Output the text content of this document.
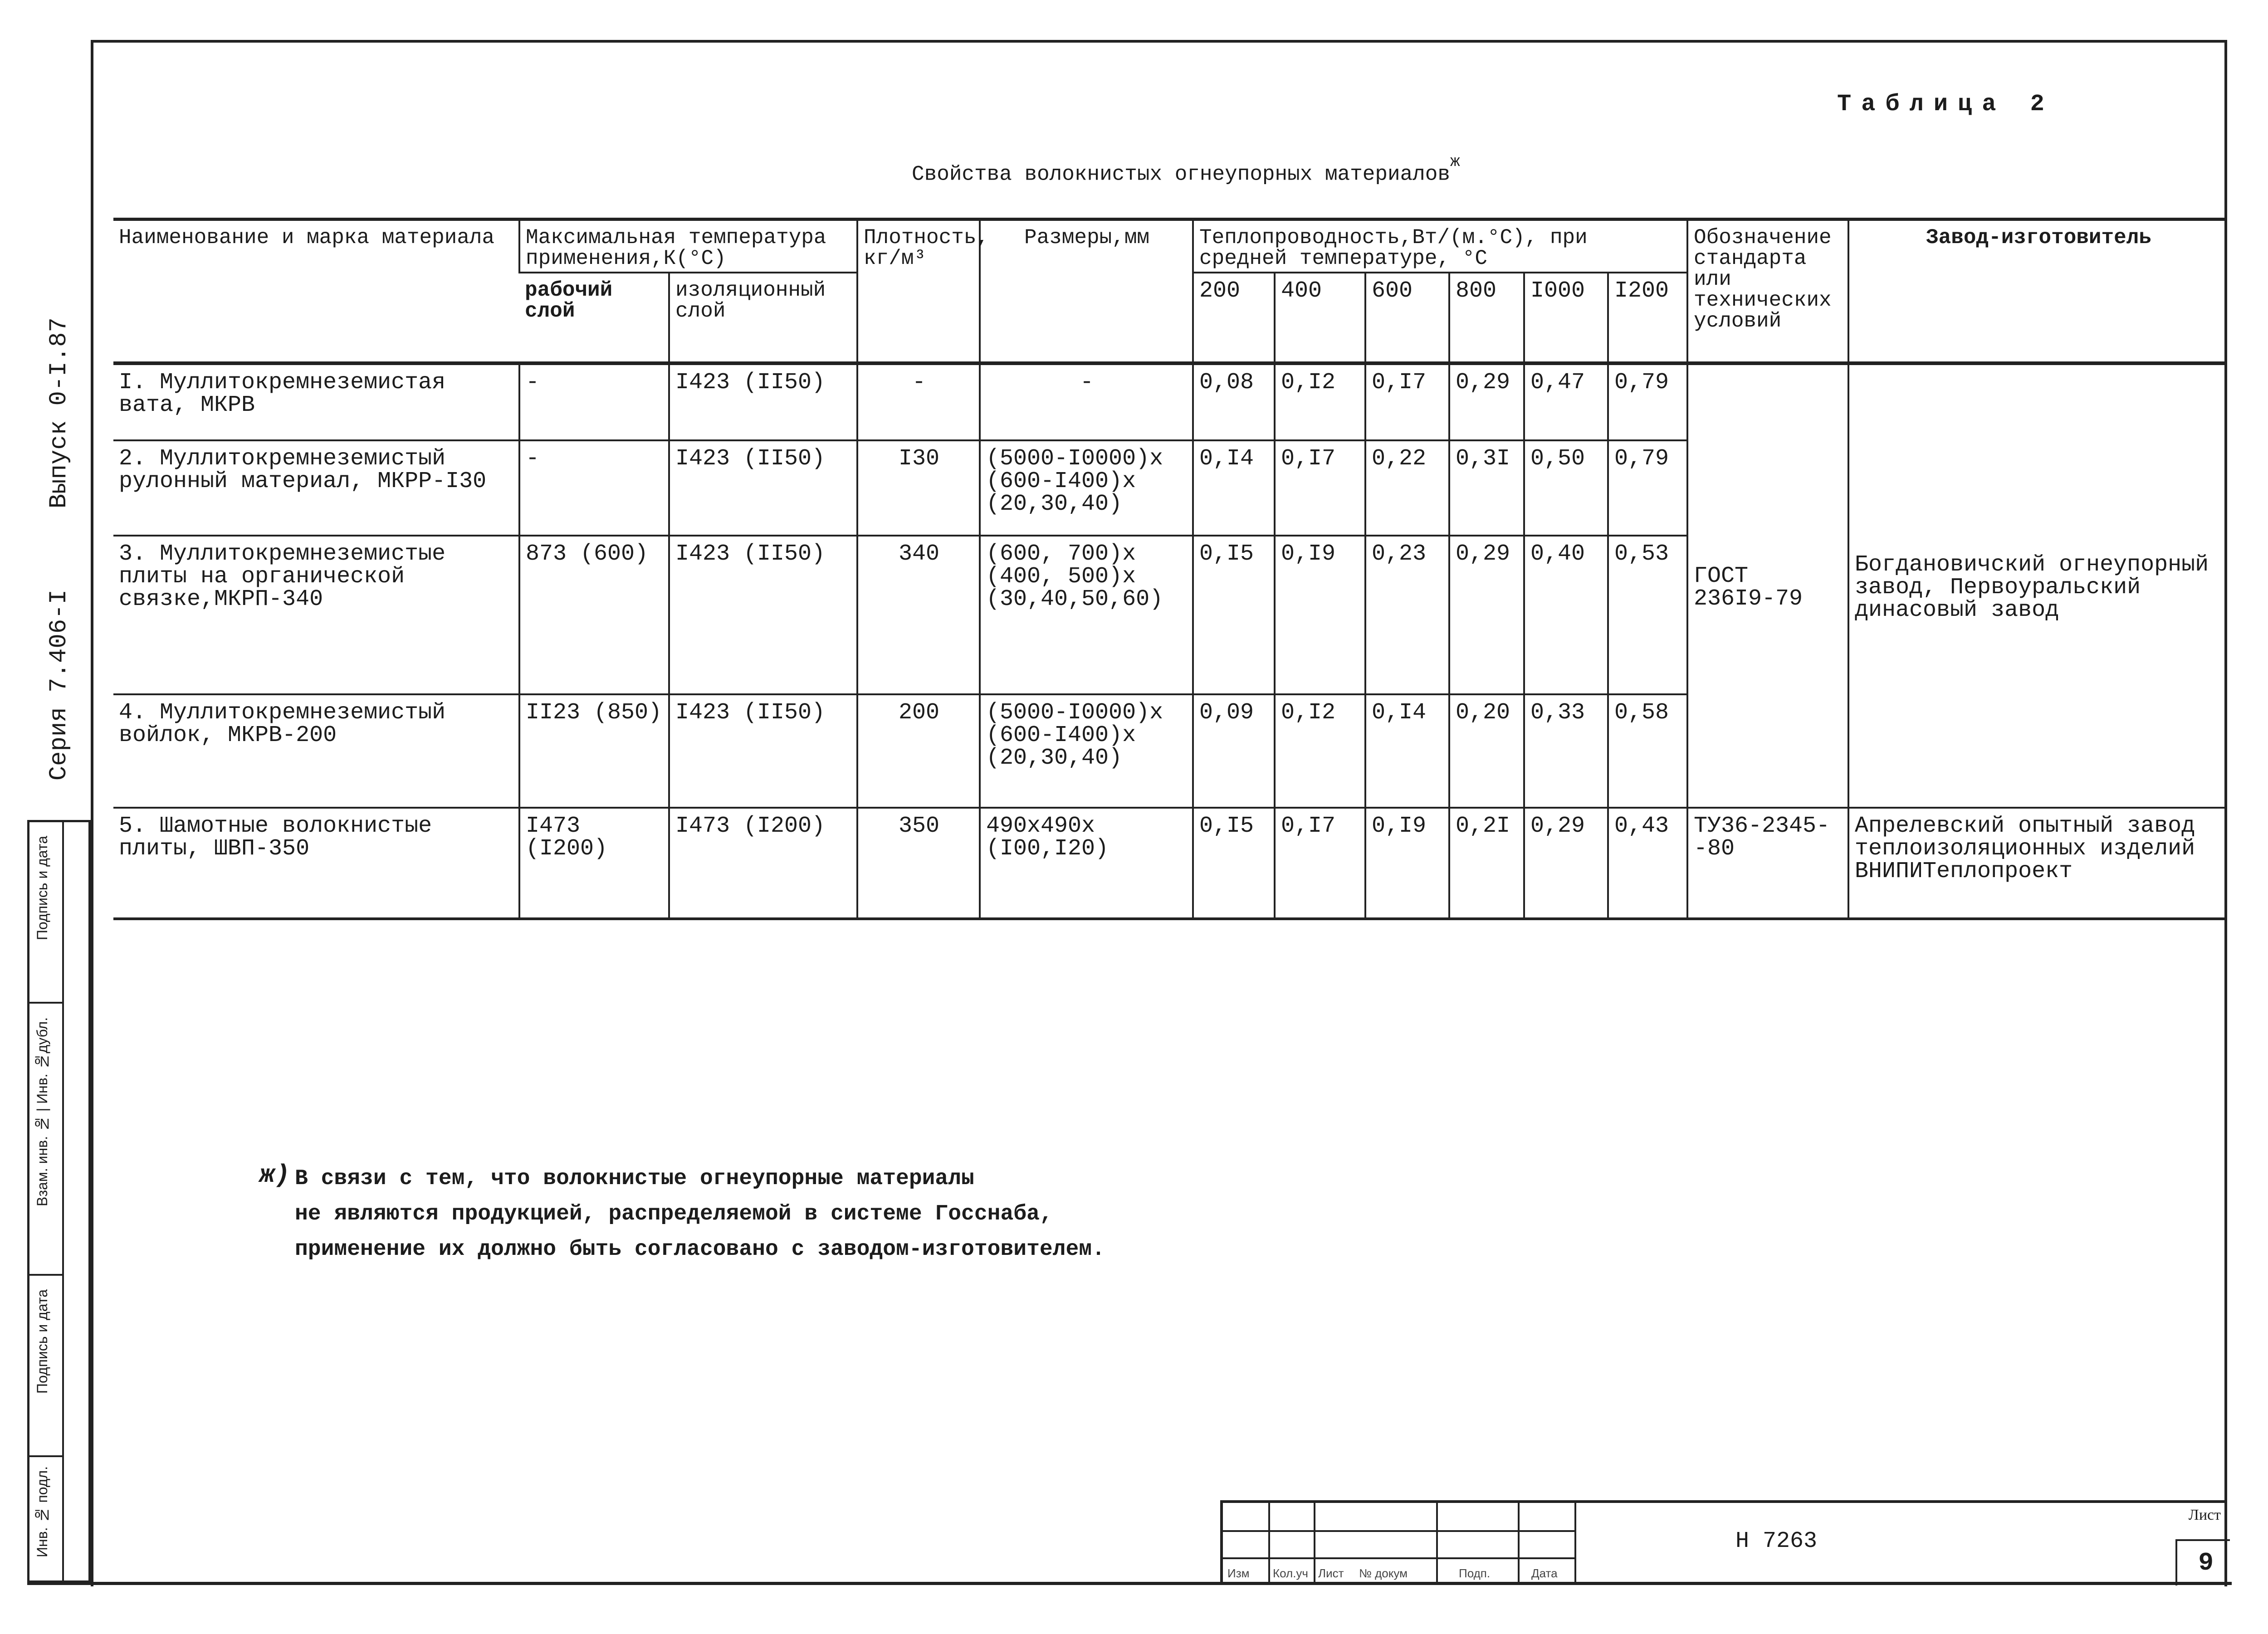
Таблица 2
Свойства волокнистых огнеупорных материалов$^ж$
Наименование и марка материала	Максимальная температура применения,К(°С)		Плотность, кг/м³	Размеры,мм	Теплопроводность,Вт/(м.°С), при средней температуре, °С						Обозначение стандарта или технических условий	Завод-изготовитель
	рабочий слой	изоляционный слой			200	400	600	800	I000	I200		
I. Муллитокремнеземистая вата, МКРВ	-	I423 (II50)	-	-	0,08	0,I2	0,I7	0,29	0,47	0,79	ГОСТ 236I9-79	Богдановичский огнеупорный завод, Первоуральский динасовый завод
2. Муллитокремнеземистый рулонный материал, МКРР-I30	-	I423 (II50)	I30	(5000-I0000)х (600-I400)х (20,30,40)	0,I4	0,I7	0,22	0,3I	0,50	0,79		
3. Муллитокремнеземистые плиты на органической связке,МКРП-340	873 (600)	I423 (II50)	340	(600, 700)х (400, 500)х (30,40,50,60)	0,I5	0,I9	0,23	0,29	0,40	0,53		
4. Муллитокремнеземистый войлок, МКРВ-200	II23 (850)	I423 (II50)	200	(5000-I0000)х (600-I400)х (20,30,40)	0,09	0,I2	0,I4	0,20	0,33	0,58		
5. Шамотные волокнистые плиты, ШВП-350	I473 (I200)	I473 (I200)	350	490х490х (I00,I20)	0,I5	0,I7	0,I9	0,2I	0,29	0,43	ТУ36-2345- -80	Апрелевский опытный завод теплоизоляционных изделий ВНИПИТеплопроект
ж) В связи с тем, что волокнистые огнеупорные материалы
не являются продукцией, распределяемой в системе Госснаба,
применение их должно быть согласовано с заводом-изготовителем.
Выпуск 0-I.87
Серия 7.406-I
Подпись и дата
Взам. инв. № | Инв. №дубл.
Подпись и дата
Инв. № подл.
Изм Кол.уч Лист № докум	Подп.	Дата
Н 7263
Лист
9
